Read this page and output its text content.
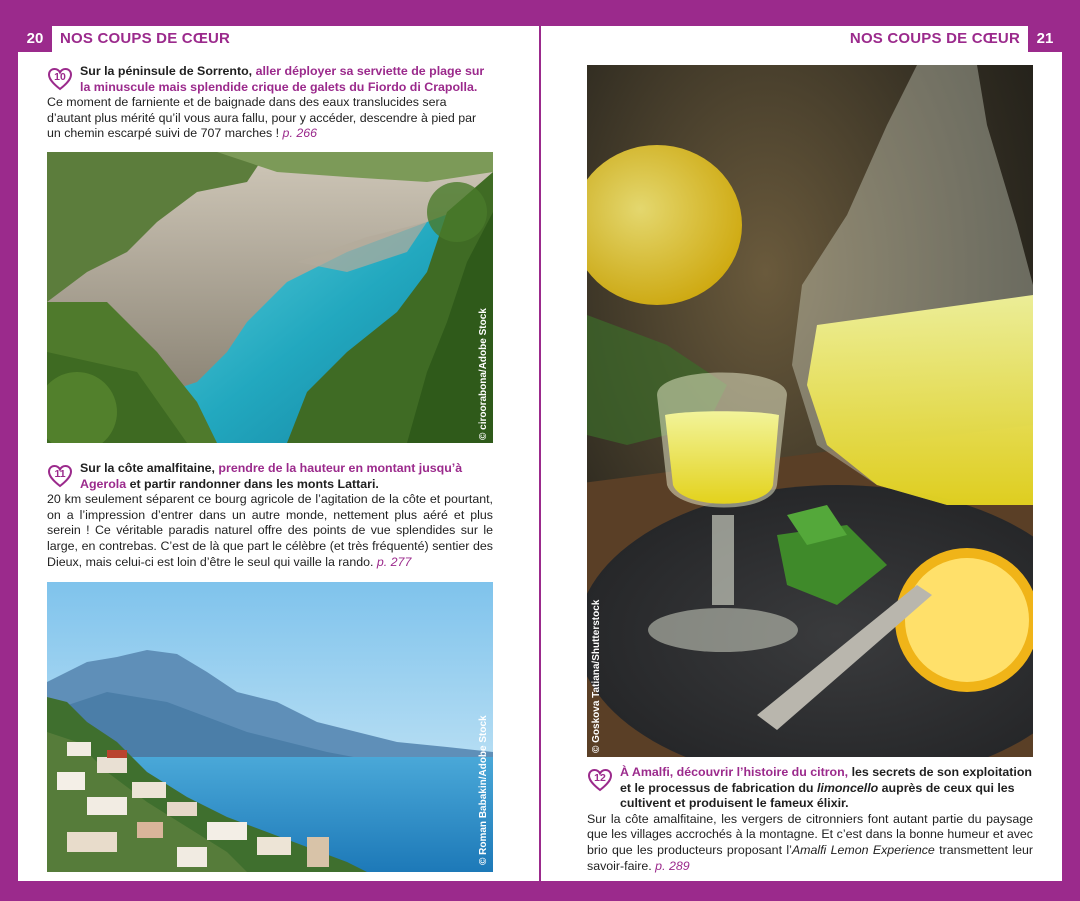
20	NOS COUPS DE CŒUR
10	Sur la péninsule de Sorrento, aller déployer sa serviette de plage sur la minuscule mais splendide crique de galets du Fiordo di Crapolla.

Ce moment de farniente et de baignade dans des eaux translucides sera d’autant plus mérité qu’il vous aura fallu, pour y accéder, descendre à pied par un chemin escarpé suivi de 707 marches ! p. 266

© ciroorabona/Adobe Stock
11	Sur la côte amalfitaine, prendre de la hauteur en montant jusqu’à Agerola et partir randonner dans les monts Lattari.

20 km seulement séparent ce bourg agricole de l’agitation de la côte et pourtant, on a l’impression d’entrer dans un autre monde, nettement plus aéré et plus serein ! Ce véritable paradis naturel offre des points de vue splendides sur le large, en contrebas. C’est de là que part le célèbre (et très fréquenté) sentier des Dieux, mais celui-ci est loin d’être le seul qui vaille la rando. p. 277

© Roman Babakin/Adobe Stock
21
NOS COUPS DE CŒUR
© Goskova Tatiana/Shutterstock
12	À Amalfi, découvrir l’histoire du citron, les secrets de son exploitation et le processus de fabrication du limoncello auprès de ceux qui les cultivent et produisent le fameux élixir.

Sur la côte amalfitaine, les vergers de citronniers font autant partie du paysage que les villages accrochés à la montagne. Et c’est dans la bonne humeur et avec brio que les producteurs proposant l’Amalfi Lemon Experience transmettent leur savoir-faire. p. 289
